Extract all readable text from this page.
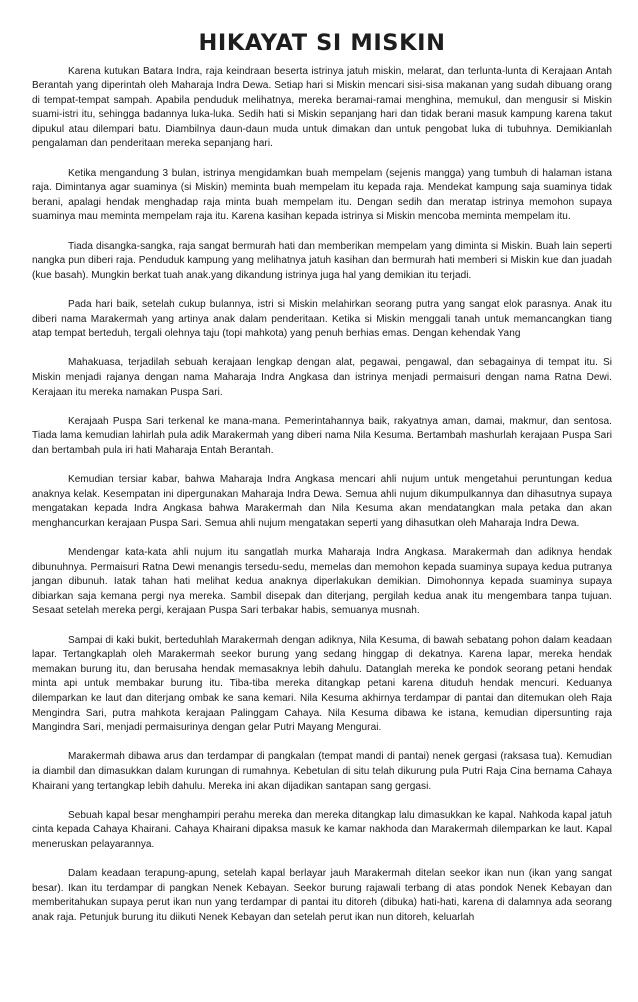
HIKAYAT SI MISKIN

Karena kutukan Batara Indra, raja keindraan beserta istrinya jatuh miskin, melarat, dan terlunta-lunta di Kerajaan Antah Berantah yang diperintah oleh Maharaja Indra Dewa. Setiap hari si Miskin mencari sisi-sisa makanan yang sudah dibuang orang di tempat-tempat sampah. Apabila penduduk melihatnya, mereka beramai-ramai menghina, memukul, dan mengusir si Miskin suami-istri itu, sehingga badannya luka-luka. Sedih hati si Miskin sepanjang hari dan tidak berani masuk kampung karena takut dipukul atau dilempari batu. Diambilnya daun-daun muda untuk dimakan dan untuk pengobat luka di tubuhnya. Demikianlah pengalaman dan penderitaan mereka sepanjang hari.

Ketika mengandung 3 bulan, istrinya mengidamkan buah mempelam (sejenis mangga) yang tumbuh di halaman istana raja. Dimintanya agar suaminya (si Miskin) meminta buah mempelam itu kepada raja. Mendekat kampung saja suaminya tidak berani, apalagi hendak menghadap raja minta buah mempelam itu. Dengan sedih dan meratap istrinya memohon supaya suaminya mau meminta mempelam raja itu. Karena kasihan kepada istrinya si Miskin mencoba meminta mempelam itu.

Tiada disangka-sangka, raja sangat bermurah hati dan memberikan mempelam yang diminta si Miskin. Buah lain seperti nangka pun diberi raja. Penduduk kampung yang melihatnya jatuh kasihan dan bermurah hati memberi si Miskin kue dan juadah (kue basah). Mungkin berkat tuah anak.yang dikandung istrinya juga hal yang demikian itu terjadi.

Pada hari baik, setelah cukup bulannya, istri si Miskin melahirkan seorang putra yang sangat elok parasnya. Anak itu diberi nama Marakermah yang artinya anak dalam penderitaan. Ketika si Miskin menggali tanah untuk memancangkan tiang atap tempat berteduh, tergali olehnya taju (topi mahkota) yang penuh berhias emas. Dengan kehendak Yang

Mahakuasa, terjadilah sebuah kerajaan lengkap dengan alat, pegawai, pengawal, dan sebagainya di tempat itu. Si Miskin menjadi rajanya dengan nama Maharaja Indra Angkasa dan istrinya menjadi permaisuri dengan nama Ratna Dewi. Kerajaan itu mereka namakan Puspa Sari.

Kerajaah Puspa Sari terkenal ke mana-mana. Pemerintahannya baik, rakyatnya aman, damai, makmur, dan sentosa. Tiada lama kemudian lahirlah pula adik Marakermah yang diberi nama Nila Kesuma. Bertambah mashurlah kerajaan Puspa Sari dan bertambah pula iri hati Maharaja Entah Berantah.

Kemudian tersiar kabar, bahwa Maharaja Indra Angkasa mencari ahli nujum untuk mengetahui peruntungan kedua anaknya kelak. Kesempatan ini dipergunakan Maharaja Indra Dewa. Semua ahli nujum dikumpulkannya dan dihasutnya supaya mengatakan kepada Indra Angkasa bahwa Marakermah dan Nila Kesuma akan mendatangkan mala petaka dan akan menghancurkan kerajaan Puspa Sari. Semua ahli nujum mengatakan seperti yang dihasutkan oleh Maharaja Indra Dewa.

Mendengar kata-kata ahli nujum itu sangatlah murka Maharaja Indra Angkasa. Marakermah dan adiknya hendak dibunuhnya. Permaisuri Ratna Dewi menangis tersedu-sedu, memelas dan memohon kepada suaminya supaya kedua putranya jangan dibunuh. Iatak tahan hati melihat kedua anaknya diperlakukan demikian. Dimohonnya kepada suaminya supaya dibiarkan saja kemana pergi nya mereka. Sambil disepak dan diterjang, pergilah kedua anak itu mengembara tanpa tujuan. Sesaat setelah mereka pergi, kerajaan Puspa Sari terbakar habis, semuanya musnah.

Sampai di kaki bukit, berteduhlah Marakermah dengan adiknya, Nila Kesuma, di bawah sebatang pohon dalam keadaan lapar. Tertangkaplah oleh Marakermah seekor burung yang sedang hinggap di dekatnya. Karena lapar, mereka hendak memakan burung itu, dan berusaha hendak memasaknya lebih dahulu. Datanglah mereka ke pondok seorang petani hendak minta api untuk membakar burung itu. Tiba-tiba mereka ditangkap petani karena dituduh hendak mencuri. Keduanya dilemparkan ke laut dan diterjang ombak ke sana kemari. Nila Kesuma akhirnya terdampar di pantai dan ditemukan oleh Raja Mengindra Sari, putra mahkota kerajaan Palinggam Cahaya. Nila Kesuma dibawa ke istana, kemudian dipersunting raja Mangindra Sari, menjadi permaisurinya dengan gelar Putri Mayang Mengurai.

Marakermah dibawa arus dan terdampar di pangkalan (tempat mandi di pantai) nenek gergasi (raksasa tua). Kemudian ia diambil dan dimasukkan dalam kurungan di rumahnya. Kebetulan di situ telah dikurung pula Putri Raja Cina bernama Cahaya Khairani yang tertangkap lebih dahulu. Mereka ini akan dijadikan santapan sang gergasi.

Sebuah kapal besar menghampiri perahu mereka dan mereka ditangkap lalu dimasukkan ke kapal. Nahkoda kapal jatuh cinta kepada Cahaya Khairani. Cahaya Khairani dipaksa masuk ke kamar nakhoda dan Marakermah dilemparkan ke laut. Kapal meneruskan pelayarannya.

Dalam keadaan terapung-apung, setelah kapal berlayar jauh Marakermah ditelan seekor ikan nun (ikan yang sangat besar). Ikan itu terdampar di pangkan Nenek Kebayan. Seekor burung rajawali terbang di atas pondok Nenek Kebayan dan memberitahukan supaya perut ikan nun yang terdampar di pantai itu ditoreh (dibuka) hati-hati, karena di dalamnya ada seorang anak raja. Petunjuk burung itu diikuti Nenek Kebayan dan setelah perut ikan nun ditoreh, keluarlah
